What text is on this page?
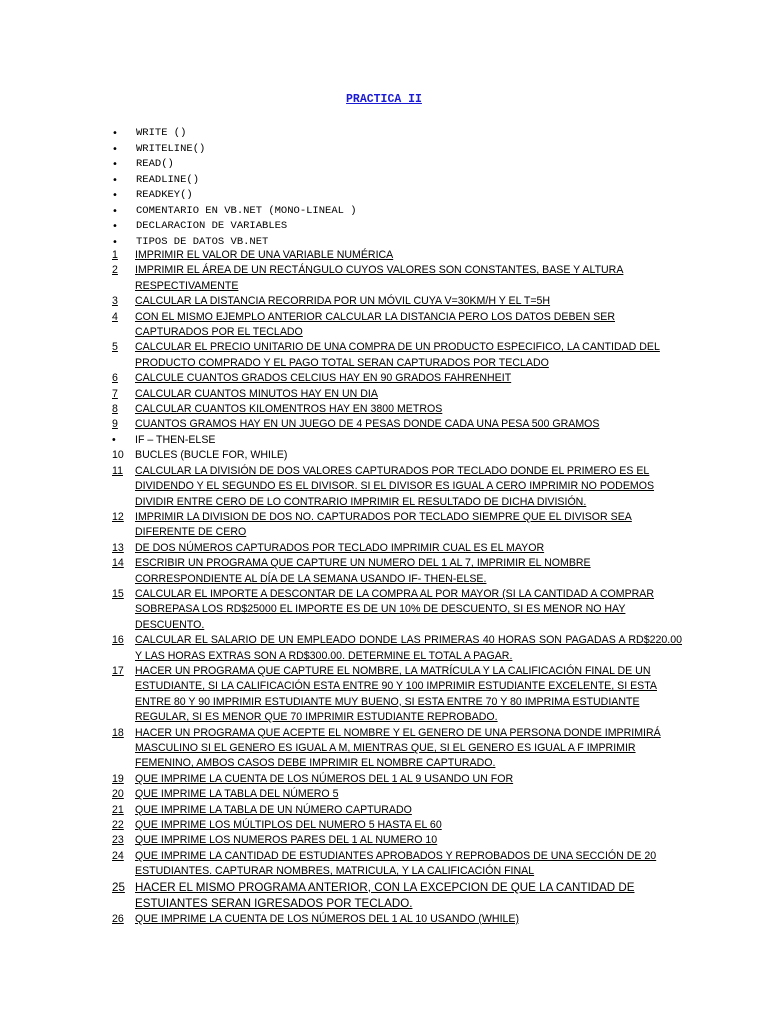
PRACTICA II
• WRITE ()
• WRITELINE()
• READ()
• READLINE()
• READKEY()
• COMENTARIO EN VB.NET (MONO-LINEAL )
• DECLARACION DE VARIABLES
• TIPOS DE DATOS VB.NET
1 IMPRIMIR EL VALOR DE UNA VARIABLE NUMÉRICA
2 IMPRIMIR EL ÁREA DE UN RECTÁNGULO CUYOS VALORES SON CONSTANTES, BASE Y ALTURA RESPECTIVAMENTE
3 CALCULAR LA DISTANCIA RECORRIDA POR UN MÓVIL CUYA V=30KM/H Y EL T=5H
4 CON EL MISMO EJEMPLO ANTERIOR CALCULAR LA DISTANCIA PERO LOS DATOS DEBEN SER CAPTURADOS POR EL TECLADO
5 CALCULAR EL PRECIO UNITARIO DE UNA COMPRA DE UN PRODUCTO ESPECIFICO, LA CANTIDAD DEL PRODUCTO COMPRADO Y EL PAGO TOTAL SERAN CAPTURADOS POR TECLADO
6 CALCULE CUANTOS GRADOS CELCIUS HAY EN 90 GRADOS FAHRENHEIT
7 CALCULAR CUANTOS MINUTOS HAY EN UN DIA
8 CALCULAR CUANTOS KILOMENTROS HAY EN 3800 METROS
9 CUANTOS GRAMOS HAY EN UN JUEGO DE 4 PESAS DONDE CADA UNA PESA 500 GRAMOS
• IF – THEN-ELSE
10 BUCLES (BUCLE FOR, WHILE)
11 CALCULAR LA DIVISIÓN DE DOS VALORES CAPTURADOS POR TECLADO DONDE EL PRIMERO ES EL DIVIDENDO Y EL SEGUNDO ES EL DIVISOR. SI EL DIVISOR ES IGUAL A CERO IMPRIMIR NO PODEMOS DIVIDIR ENTRE CERO DE LO CONTRARIO IMPRIMIR EL RESULTADO DE DICHA DIVISIÓN.
12 IMPRIMIR LA DIVISION DE DOS NO. CAPTURADOS POR TECLADO SIEMPRE QUE EL DIVISOR SEA DIFERENTE DE CERO
13 DE DOS NÚMEROS CAPTURADOS POR TECLADO IMPRIMIR CUAL ES EL MAYOR
14 ESCRIBIR UN PROGRAMA QUE CAPTURE UN NUMERO DEL 1 AL 7, IMPRIMIR EL NOMBRE CORRESPONDIENTE AL DÍA DE LA SEMANA USANDO IF- THEN-ELSE.
15 CALCULAR EL IMPORTE A DESCONTAR DE LA COMPRA AL POR MAYOR (SI LA CANTIDAD A COMPRAR SOBREPASA LOS RD$25000 EL IMPORTE ES DE UN 10% DE DESCUENTO, SI ES MENOR NO HAY DESCUENTO.
16 CALCULAR EL SALARIO DE UN EMPLEADO DONDE LAS PRIMERAS 40 HORAS SON PAGADAS A RD$220.00 Y LAS HORAS EXTRAS SON A RD$300.00. DETERMINE EL TOTAL A PAGAR.
17 HACER UN PROGRAMA QUE CAPTURE EL NOMBRE, LA MATRÍCULA Y LA CALIFICACIÓN FINAL DE UN ESTUDIANTE, SI LA CALIFICACIÓN ESTA ENTRE 90 Y 100 IMPRIMIR ESTUDIANTE EXCELENTE, SI ESTA ENTRE 80 Y 90 IMPRIMIR ESTUDIANTE MUY BUENO, SI ESTA ENTRE 70 Y 80 IMPRIMA ESTUDIANTE REGULAR, SI ES MENOR QUE 70 IMPRIMIR ESTUDIANTE REPROBADO.
18 HACER UN PROGRAMA QUE ACEPTE EL NOMBRE Y EL GENERO DE UNA PERSONA DONDE IMPRIMIRÁ MASCULINO SI EL GENERO ES IGUAL A M, MIENTRAS QUE, SI EL GENERO ES IGUAL A F IMPRIMIR FEMENINO, AMBOS CASOS DEBE IMPRIMIR EL NOMBRE CAPTURADO.
19 QUE IMPRIME LA CUENTA DE LOS NÚMEROS DEL 1 AL 9 USANDO UN FOR
20 QUE IMPRIME LA TABLA DEL NÚMERO 5
21 QUE IMPRIME LA TABLA DE UN NÚMERO CAPTURADO
22 QUE IMPRIME LOS MÚLTIPLOS DEL NUMERO 5 HASTA EL 60
23 QUE IMPRIME LOS NUMEROS PARES DEL 1 AL NUMERO 10
24 QUE IMPRIME LA CANTIDAD DE ESTUDIANTES APROBADOS Y REPROBADOS DE UNA SECCIÓN DE 20 ESTUDIANTES. CAPTURAR NOMBRES, MATRICULA, Y LA CALIFICACIÓN FINAL
25 HACER EL MISMO PROGRAMA ANTERIOR, CON LA EXCEPCION DE QUE LA CANTIDAD DE ESTUIANTES SERAN IGRESADOS POR TECLADO.
26 QUE IMPRIME LA CUENTA DE LOS NÚMEROS DEL 1 AL 10 USANDO (WHILE)
